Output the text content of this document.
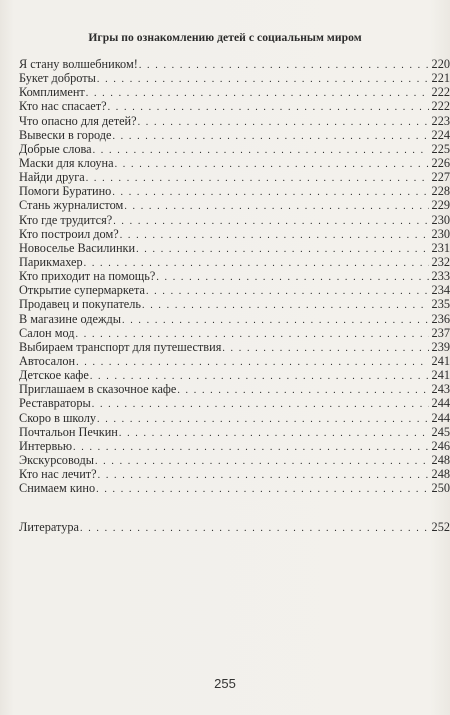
Игры по ознакомлению детей с социальным миром
Я стану волшебником! . . .	220
Букет доброты . . .	221
Комплимент . . .	222
Кто нас спасает? . . .	222
Что опасно для детей? . . .	223
Вывески в городе . . .	224
Добрые слова . . .	225
Маски для клоуна . . .	226
Найди друга . . .	227
Помоги Буратино . . .	228
Стань журналистом . . .	229
Кто где трудится? . . .	230
Кто построил дом? . . .	230
Новоселье Василинки . . .	231
Парикмахер . . .	232
Кто приходит на помощь? . . .	233
Открытие супермаркета . . .	234
Продавец и покупатель . . .	235
В магазине одежды . . .	236
Салон мод . . .	237
Выбираем транспорт для путешествия . . .	239
Автосалон . . .	241
Детское кафе . . .	241
Приглашаем в сказочное кафе . . .	243
Реставраторы . . .	244
Скоро в школу . . .	244
Почтальон Печкин . . .	245
Интервью . . .	246
Экскурсоводы . . .	248
Кто нас лечит? . . .	248
Снимаем кино . . .	250
Литература . . .	252
255
